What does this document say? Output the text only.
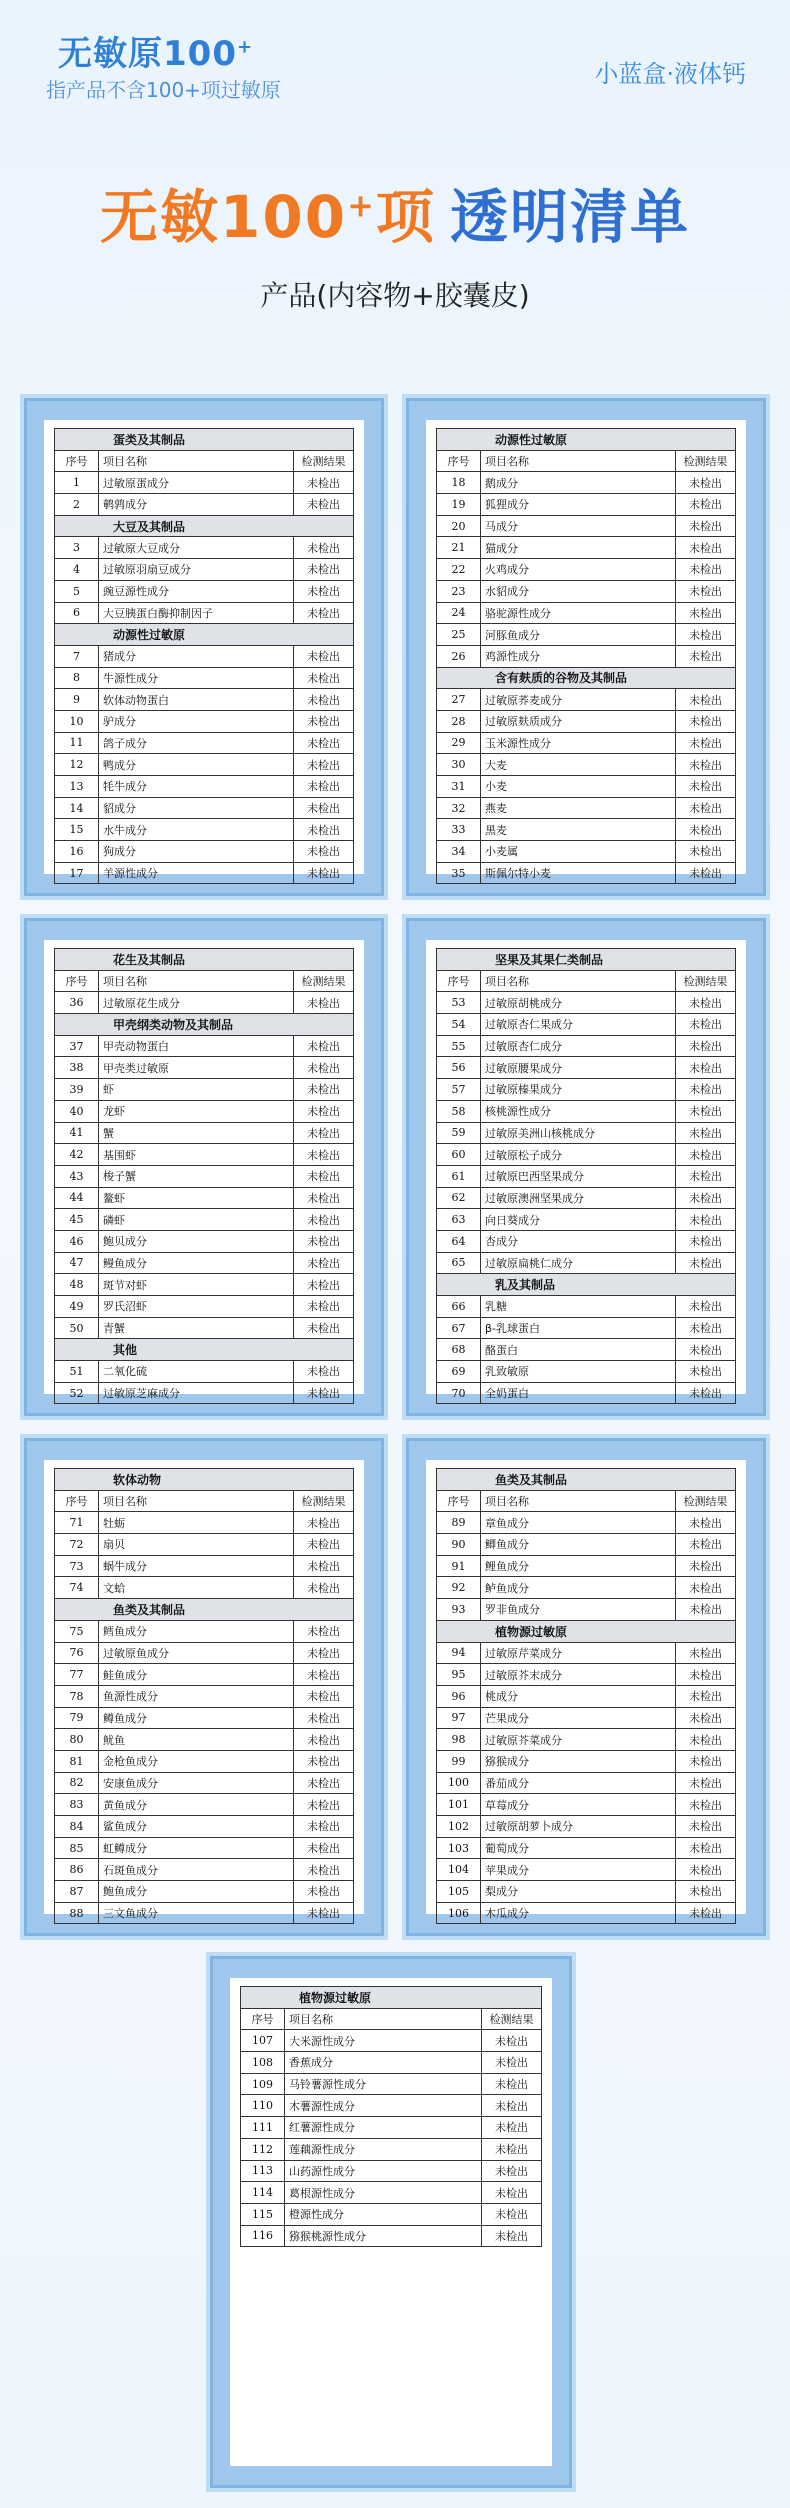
无敏原100+
指产品不含100+项过敏原
小蓝盒·液体钙
无敏100+项 透明清单
产品(内容物+胶囊皮)
蛋类及其制品		
序号	项目名称	检测结果
1	过敏原蛋成分	未检出
2	鹌鹑成分	未检出
大豆及其制品		
3	过敏原大豆成分	未检出
4	过敏原羽扇豆成分	未检出
5	豌豆源性成分	未检出
6	大豆胰蛋白酶抑制因子	未检出
动源性过敏原		
7	猪成分	未检出
8	牛源性成分	未检出
9	软体动物蛋白	未检出
10	驴成分	未检出
11	鸽子成分	未检出
12	鸭成分	未检出
13	牦牛成分	未检出
14	貂成分	未检出
15	水牛成分	未检出
16	狗成分	未检出
17	羊源性成分	未检出
动源性过敏原		
序号	项目名称	检测结果
18	鹅成分	未检出
19	狐狸成分	未检出
20	马成分	未检出
21	猫成分	未检出
22	火鸡成分	未检出
23	水貂成分	未检出
24	骆驼源性成分	未检出
25	河豚鱼成分	未检出
26	鸡源性成分	未检出
含有麸质的谷物及其制品		
27	过敏原荞麦成分	未检出
28	过敏原麸质成分	未检出
29	玉米源性成分	未检出
30	大麦	未检出
31	小麦	未检出
32	燕麦	未检出
33	黑麦	未检出
34	小麦属	未检出
35	斯佩尔特小麦	未检出
花生及其制品		
序号	项目名称	检测结果
36	过敏原花生成分	未检出
甲壳纲类动物及其制品		
37	甲壳动物蛋白	未检出
38	甲壳类过敏原	未检出
39	虾	未检出
40	龙虾	未检出
41	蟹	未检出
42	基围虾	未检出
43	梭子蟹	未检出
44	鳌虾	未检出
45	磷虾	未检出
46	鲍贝成分	未检出
47	鳗鱼成分	未检出
48	斑节对虾	未检出
49	罗氏沼虾	未检出
50	青蟹	未检出
其他		
51	二氧化硫	未检出
52	过敏原芝麻成分	未检出
坚果及其果仁类制品		
序号	项目名称	检测结果
53	过敏原胡桃成分	未检出
54	过敏原杏仁果成分	未检出
55	过敏原杏仁成分	未检出
56	过敏原腰果成分	未检出
57	过敏原榛果成分	未检出
58	核桃源性成分	未检出
59	过敏原美洲山核桃成分	未检出
60	过敏原松子成分	未检出
61	过敏原巴西坚果成分	未检出
62	过敏原澳洲坚果成分	未检出
63	向日葵成分	未检出
64	杏成分	未检出
65	过敏原扁桃仁成分	未检出
乳及其制品		
66	乳糖	未检出
67	β-乳球蛋白	未检出
68	酪蛋白	未检出
69	乳致敏原	未检出
70	全奶蛋白	未检出
软体动物		
序号	项目名称	检测结果
71	牡蛎	未检出
72	扇贝	未检出
73	蜗牛成分	未检出
74	文蛤	未检出
鱼类及其制品		
75	鳕鱼成分	未检出
76	过敏原鱼成分	未检出
77	鲑鱼成分	未检出
78	鱼源性成分	未检出
79	鳟鱼成分	未检出
80	鱿鱼	未检出
81	金枪鱼成分	未检出
82	安康鱼成分	未检出
83	黄鱼成分	未检出
84	鲨鱼成分	未检出
85	虹鳟成分	未检出
86	石斑鱼成分	未检出
87	鲍鱼成分	未检出
88	三文鱼成分	未检出
鱼类及其制品		
序号	项目名称	检测结果
89	章鱼成分	未检出
90	鲫鱼成分	未检出
91	鲤鱼成分	未检出
92	鲈鱼成分	未检出
93	罗非鱼成分	未检出
植物源过敏原		
94	过敏原芹菜成分	未检出
95	过敏原芥末成分	未检出
96	桃成分	未检出
97	芒果成分	未检出
98	过敏原芥菜成分	未检出
99	猕猴成分	未检出
100	番茄成分	未检出
101	草莓成分	未检出
102	过敏原胡萝卜成分	未检出
103	葡萄成分	未检出
104	苹果成分	未检出
105	梨成分	未检出
106	木瓜成分	未检出
植物源过敏原		
序号	项目名称	检测结果
107	大米源性成分	未检出
108	香蕉成分	未检出
109	马铃薯源性成分	未检出
110	木薯源性成分	未检出
111	红薯源性成分	未检出
112	莲藕源性成分	未检出
113	山药源性成分	未检出
114	葛根源性成分	未检出
115	橙源性成分	未检出
116	猕猴桃源性成分	未检出
